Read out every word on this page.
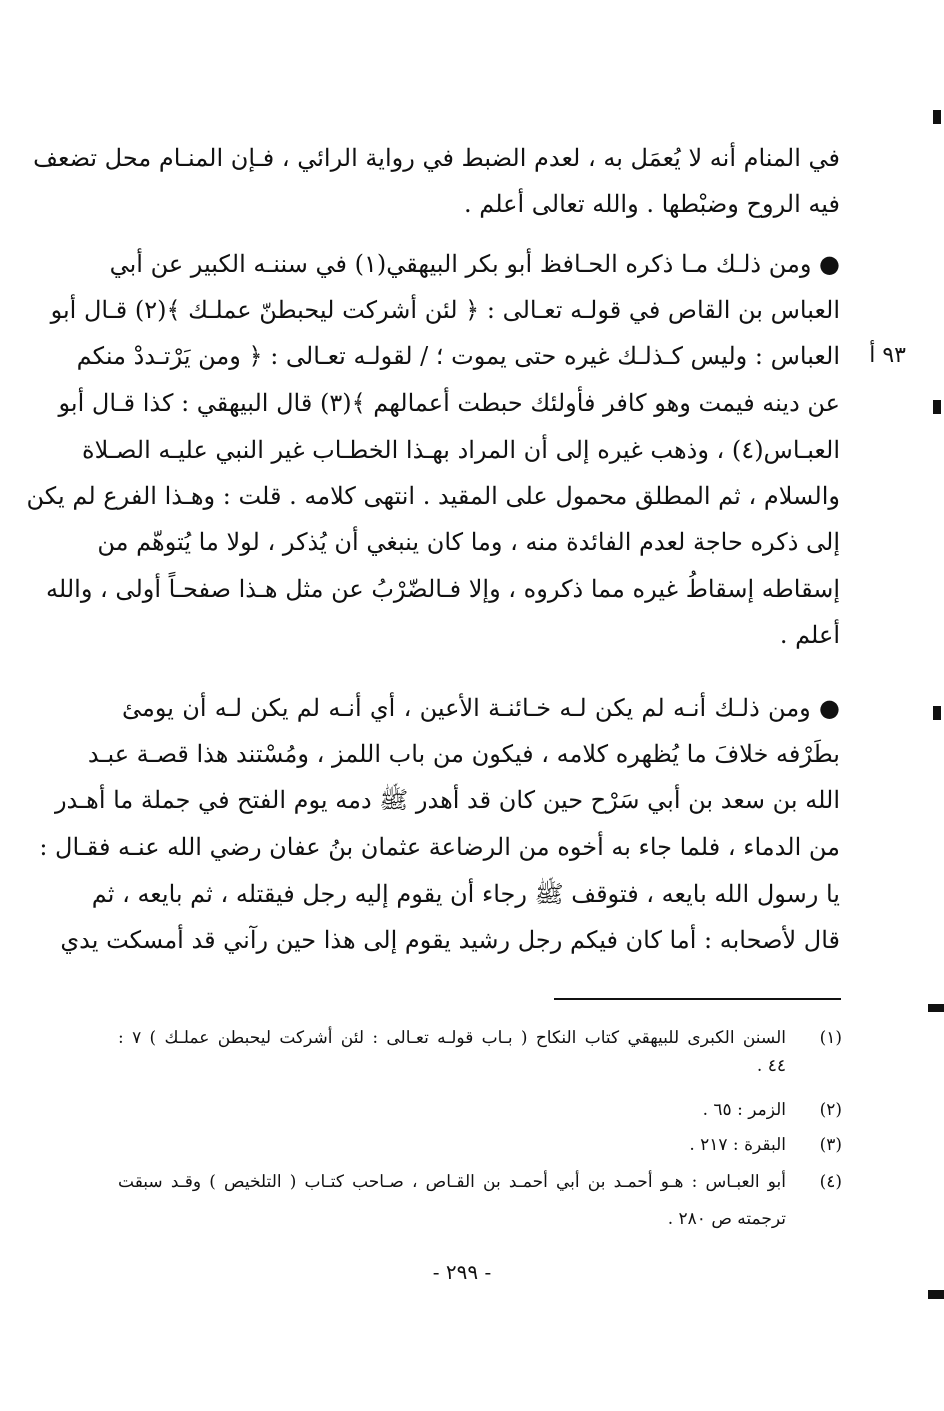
في المنام أنه لا يُعمَل به ، لعدم الضبط في رواية الرائي ، فـإن المنـام محل تضعف
فيه الروح وضبْطها . والله تعالى أعلم .
● ومن ذلـك مـا ذكره الحـافظ أبو بكر البيهقي(١) في سننـه الكبير عن أبي
العباس بن القاص في قولـه تعـالى : ﴿ لئن أشركت ليحبطنّ عملـك ﴾(٢) قـال أبو
٩٣ أ
العباس : وليس كـذلـك غيره حتى يموت ؛ / لقولـه تعـالى : ﴿ ومن يَرْتـددْ منكم
عن دينه فيمت وهو كافر فأولئك حبطت أعمالهم ﴾(٣) قال البيهقي : كذا قـال أبو
العبـاس(٤) ، وذهب غيره إلى أن المراد بهـذا الخطـاب غير النبي عليـه الصـلاة
والسلام ، ثم المطلق محمول على المقيد . انتهى كلامه . قلت : وهـذا الفرع لم يكن
إلى ذكره حاجة لعدم الفائدة منه ، وما كان ينبغي أن يُذكر ، لولا ما يُتوهّم من
إسقاطه إسقاطُ غيره مما ذكروه ، وإلا فـالضّرْبُ عن مثل هـذا صفحـاً أولى ، والله
أعلم .
● ومن ذلـك أنـه لم يكن لـه خـائنـة الأعين ، أي أنـه لم يكن لـه أن يومئ
بطَرْفه خلافَ ما يُظهره كلامه ، فيكون من باب اللمز ، ومُسْتند هذا قصـة عبـد
الله بن سعد بن أبي سَرْح حين كان قد أهدر ﷺ دمه يوم الفتح في جملة ما أهـدر
من الدماء ، فلما جاء به أخوه من الرضاعة عثمان بنُ عفان رضي الله عنـه فقـال :
يا رسول الله بايعه ، فتوقف ﷺ رجاء أن يقوم إليه رجل فيقتله ، ثم بايعه ، ثم
قال لأصحابه : أما كان فيكم رجل رشيد يقوم إلى هذا حين رآني قد أمسكت يدي
(١)
السنن الكبرى للبيهقي كتاب النكاح ( بـاب قولـه تعـالى : لئن أشركت ليحبطن عملـك ) ٧ :
٤٤ .
(٢)
الزمر : ٦٥ .
(٣)
البقرة : ٢١٧ .
(٤)
أبو العبـاس : هـو أحمـد بن أبي أحمـد بن القـاص ، صـاحب كتـاب ( التلخيص ) وقـد سبقت
ترجمته ص ٢٨٠ .
- ٢٩٩ -
